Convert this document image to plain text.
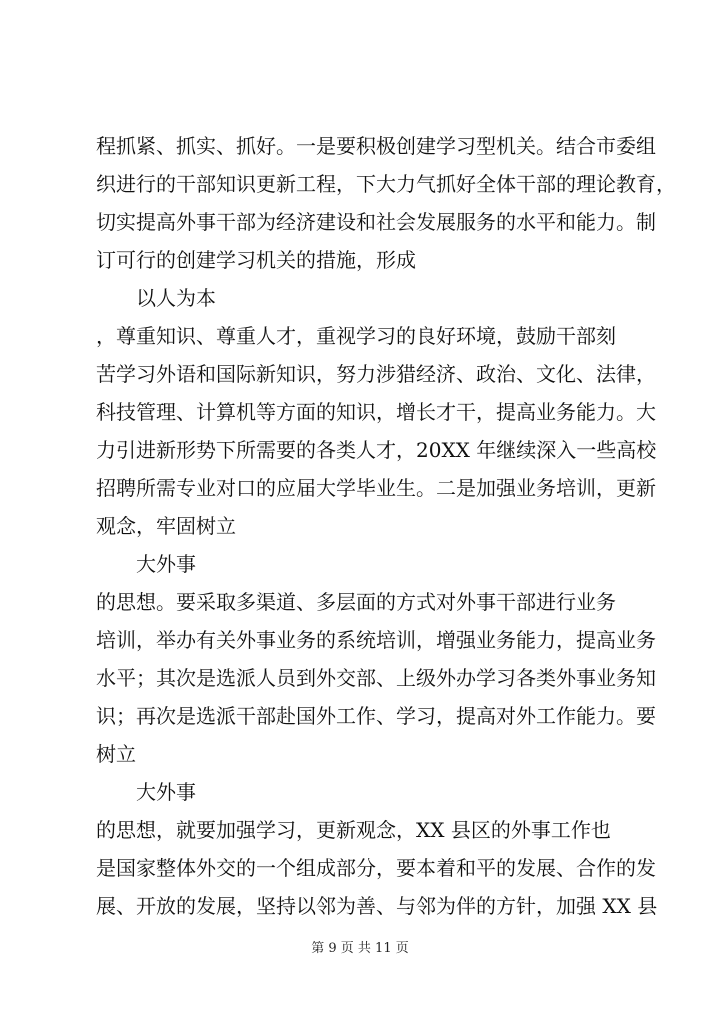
程抓紧、抓实、抓好。一是要积极创建学习型机关。结合市委组
织进行的干部知识更新工程，下大力气抓好全体干部的理论教育，
切实提高外事干部为经济建设和社会发展服务的水平和能力。制
订可行的创建学习机关的措施，形成
以人为本
，尊重知识、尊重人才，重视学习的良好环境，鼓励干部刻
苦学习外语和国际新知识，努力涉猎经济、政治、文化、法律，
科技管理、计算机等方面的知识，增长才干，提高业务能力。大
力引进新形势下所需要的各类人才，20XX 年继续深入一些高校
招聘所需专业对口的应届大学毕业生。二是加强业务培训，更新
观念，牢固树立
大外事
的思想。要采取多渠道、多层面的方式对外事干部进行业务
培训，举办有关外事业务的系统培训，增强业务能力，提高业务
水平；其次是选派人员到外交部、上级外办学习各类外事业务知
识；再次是选派干部赴国外工作、学习，提高对外工作能力。要
树立
大外事
的思想，就要加强学习，更新观念，XX 县区的外事工作也
是国家整体外交的一个组成部分，要本着和平的发展、合作的发
展、开放的发展，坚持以邻为善、与邻为伴的方针，加强 XX 县
第 9 页 共 11 页
